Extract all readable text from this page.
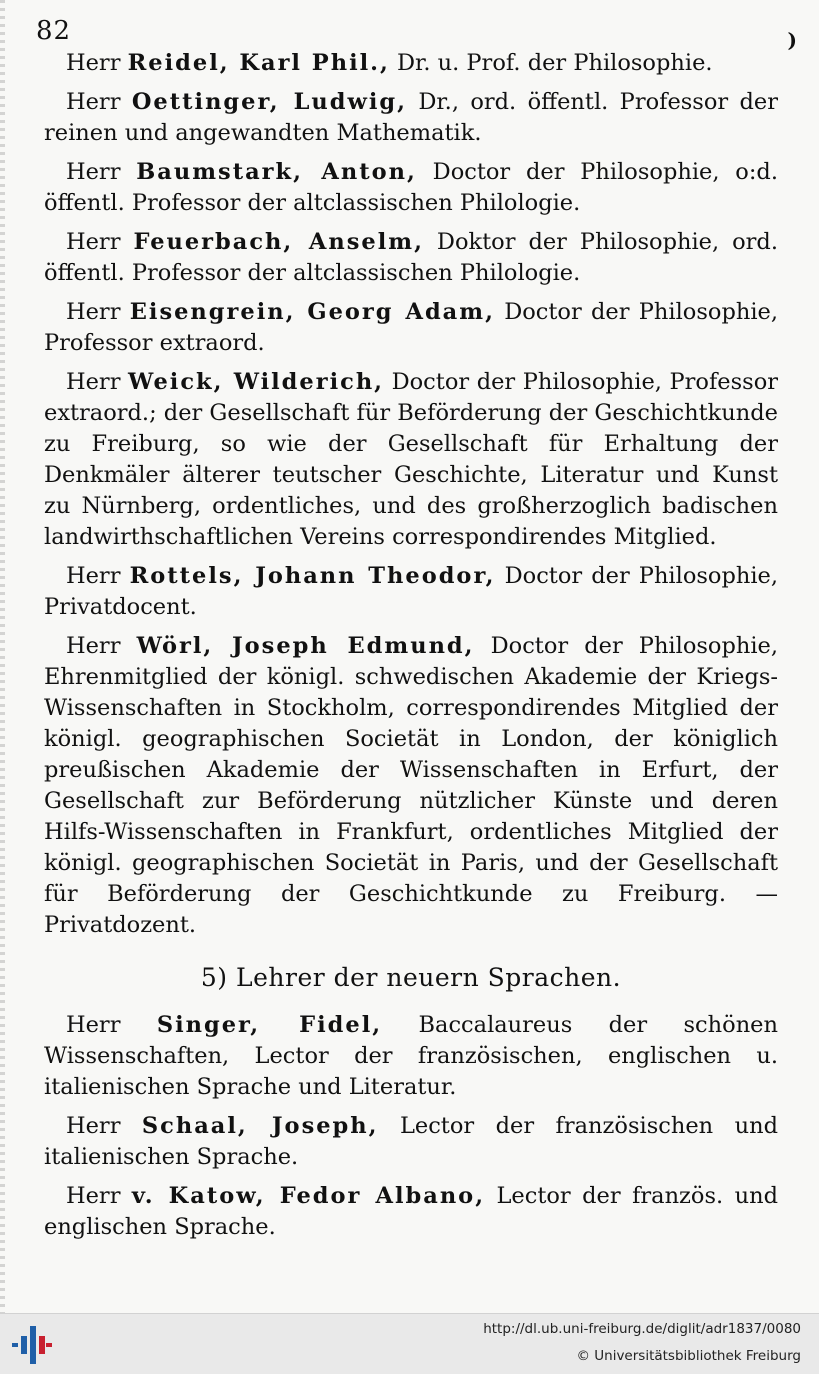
82	)

Herr Reidel, Karl Phil., Dr. u. Prof. der Philosophie.

Herr Oettinger, Ludwig, Dr., ord. öffentl. Professor der reinen und angewandten Mathematik.

Herr Baumstark, Anton, Doctor der Philosophie, o:d. öffentl. Professor der altclassischen Philologie.

Herr Feuerbach, Anselm, Doktor der Philosophie, ord. öffentl. Professor der altclassischen Philologie.

Herr Eisengrein, Georg Adam, Doctor der Philosophie, Professor extraord.

Herr Weick, Wilderich, Doctor der Philosophie, Professor extraord.; der Gesellschaft für Beförderung der Geschichtkunde zu Freiburg, so wie der Gesellschaft für Erhaltung der Denkmäler älterer teutscher Geschichte, Literatur und Kunst zu Nürnberg, ordentliches, und des großherzoglich badischen landwirthschaftlichen Vereins correspondirendes Mitglied.

Herr Rottels, Johann Theodor, Doctor der Philosophie, Privatdocent.

Herr Wörl, Joseph Edmund, Doctor der Philosophie, Ehrenmitglied der königl. schwedischen Akademie der Kriegs-Wissenschaften in Stockholm, correspondirendes Mitglied der königl. geographischen Societät in London, der königlich preußischen Akademie der Wissenschaften in Erfurt, der Gesellschaft zur Beförderung nützlicher Künste und deren Hilfs-Wissenschaften in Frankfurt, ordentliches Mitglied der königl. geographischen Societät in Paris, und der Gesellschaft für Beförderung der Geschichtkunde zu Freiburg. — Privatdozent.

5) Lehrer der neuern Sprachen.

Herr Singer, Fidel, Baccalaureus der schönen Wissenschaften, Lector der französischen, englischen u. italienischen Sprache und Literatur.

Herr Schaal, Joseph, Lector der französischen und italienischen Sprache.

Herr v. Katow, Fedor Albano, Lector der französ. und englischen Sprache.

http://dl.ub.uni-freiburg.de/diglit/adr1837/0080
© Universitätsbibliothek Freiburg
